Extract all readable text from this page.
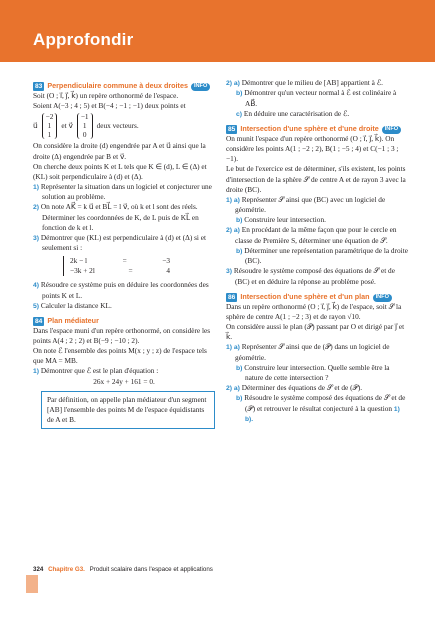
Approfondir
83 Perpendiculaire commune à deux droites INFO

Soit (O ; i⃗, j⃗, k⃗) un repère orthonormé de l'espace.

Soient A(−3 ; 4 ; 5) et B(−4 ; −1 ; −1) deux points et

u⃗
−2
1
1
et v⃗
−1
1
0
deux vecteurs.

On considère la droite (d) engendrée par A et u⃗ ainsi que la droite (Δ) engendrée par B et v⃗.

On cherche deux points K et L tels que K ∈ (d), L ∈ (Δ) et (KL) soit perpendiculaire à (d) et (Δ).

1) Représenter la situation dans un logiciel et conjecturer une solution au problème.

2) On note AK⃗ = k u⃗ et BL⃗ = l v⃗, où k et l sont des réels. Déterminer les coordonnées de K, de L puis de KL⃗ en fonction de k et l.

3) Démontrer que (KL) est perpendiculaire à (d) et (Δ) si et seulement si :

2k − l	=	−3
−3k + 2l	=	4

4) Résoudre ce système puis en déduire les coordonnées des points K et L.

5) Calculer la distance KL.

84 Plan médiateur

Dans l'espace muni d'un repère orthonormé, on considère les points A(4 ; 2 ; 2) et B(−9 ; −10 ; 2).

On note ℰ l'ensemble des points M(x ; y ; z) de l'espace tels que MA = MB.

1) Démontrer que ℰ est le plan d'équation :

26x + 24y + 161 = 0.

Par définition, on appelle plan médiateur d'un segment [AB] l'ensemble des points M de l'espace équidistants de A et B.

2) a) Démontrer que le milieu de [AB] appartient à ℰ.

b) Démontrer qu'un vecteur normal à ℰ est colinéaire à AB⃗.

c) En déduire une caractérisation de ℰ.

85 Intersection d'une sphère et d'une droite INFO

On munit l'espace d'un repère orthonormé (O ; i⃗, j⃗, k⃗). On considère les points A(1 ; −2 ; 2), B(1 ; −5 ; 4) et C(−1 ; 3 ; −1).

Le but de l'exercice est de déterminer, s'ils existent, les points d'intersection de la sphère 𝒮 de centre A et de rayon 3 avec la droite (BC).

1) a) Représenter 𝒮 ainsi que (BC) avec un logiciel de géométrie.

b) Construire leur intersection.

2) a) En procédant de la même façon que pour le cercle en classe de Première S, déterminer une équation de 𝒮.

b) Déterminer une représentation paramétrique de la droite (BC).

3) Résoudre le système composé des équations de 𝒮 et de (BC) et en déduire la réponse au problème posé.

86 Intersection d'une sphère et d'un plan INFO

Dans un repère orthonormé (O ; i⃗, j⃗, k⃗) de l'espace, soit 𝒮 la sphère de centre A(1 ; −2 ; 3) et de rayon √10.

On considère aussi le plan (𝒫) passant par O et dirigé par j⃗ et k⃗.

1) a) Représenter 𝒮 ainsi que de (𝒫) dans un logiciel de géométrie.

b) Construire leur intersection. Quelle semble être la nature de cette intersection ?

2) a) Déterminer des équations de 𝒮 et de (𝒫).

b) Résoudre le système composé des équations de 𝒮 et de (𝒫) et retrouver le résultat conjecturé à la question 1) b).

324 Chapitre G3. Produit scalaire dans l'espace et applications
